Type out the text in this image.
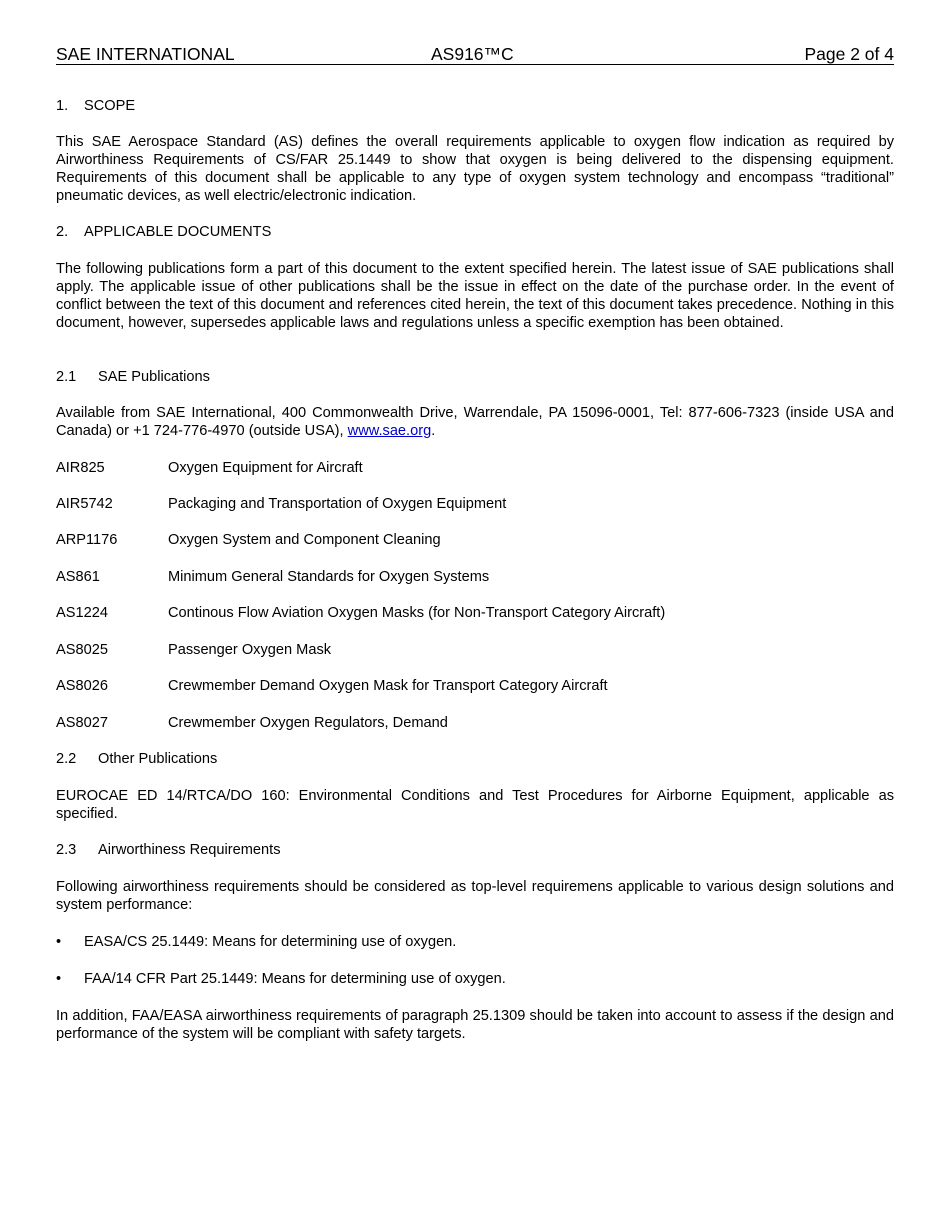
SAE INTERNATIONAL	AS916™C	Page 2 of 4
1. SCOPE
This SAE Aerospace Standard (AS) defines the overall requirements applicable to oxygen flow indication as required by Airworthiness Requirements of CS/FAR 25.1449 to show that oxygen is being delivered to the dispensing equipment. Requirements of this document shall be applicable to any type of oxygen system technology and encompass “traditional” pneumatic devices, as well electric/electronic indication.
2. APPLICABLE DOCUMENTS
The following publications form a part of this document to the extent specified herein. The latest issue of SAE publications shall apply. The applicable issue of other publications shall be the issue in effect on the date of the purchase order. In the event of conflict between the text of this document and references cited herein, the text of this document takes precedence. Nothing in this document, however, supersedes applicable laws and regulations unless a specific exemption has been obtained.
2.1 SAE Publications
Available from SAE International, 400 Commonwealth Drive, Warrendale, PA 15096-0001, Tel: 877-606-7323 (inside USA and Canada) or +1 724-776-4970 (outside USA), www.sae.org.
AIR825	Oxygen Equipment for Aircraft
AIR5742	Packaging and Transportation of Oxygen Equipment
ARP1176	Oxygen System and Component Cleaning
AS861	Minimum General Standards for Oxygen Systems
AS1224	Continous Flow Aviation Oxygen Masks (for Non-Transport Category Aircraft)
AS8025	Passenger Oxygen Mask
AS8026	Crewmember Demand Oxygen Mask for Transport Category Aircraft
AS8027	Crewmember Oxygen Regulators, Demand
2.2 Other Publications
EUROCAE ED 14/RTCA/DO 160: Environmental Conditions and Test Procedures for Airborne Equipment, applicable as specified.
2.3 Airworthiness Requirements
Following airworthiness requirements should be considered as top-level requiremens applicable to various design solutions and system performance:
• EASA/CS 25.1449: Means for determining use of oxygen.
• FAA/14 CFR Part 25.1449: Means for determining use of oxygen.
In addition, FAA/EASA airworthiness requirements of paragraph 25.1309 should be taken into account to assess if the design and performance of the system will be compliant with safety targets.
